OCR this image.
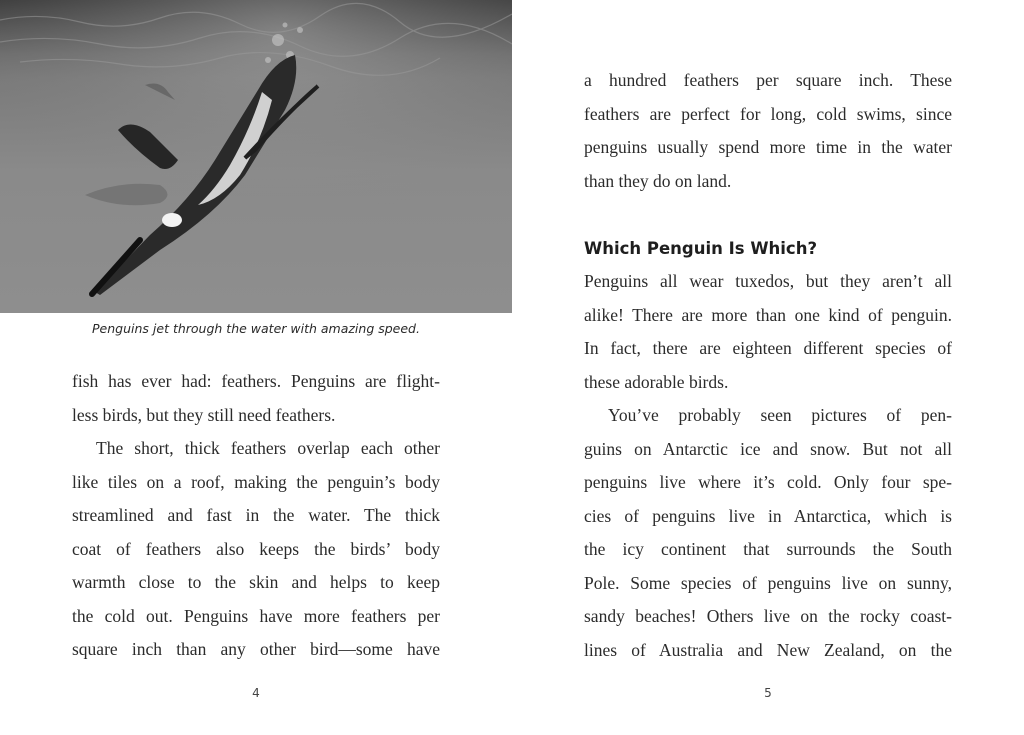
Penguins jet through the water with amazing speed.
fish has ever had: feathers. Penguins are flight-
less birds, but they still need feathers.
The short, thick feathers overlap each other
like tiles on a roof, making the penguin’s body
streamlined and fast in the water. The thick
coat of feathers also keeps the birds’ body
warmth close to the skin and helps to keep
the cold out. Penguins have more feathers per
square inch than any other bird—some have
4
a hundred feathers per square inch. These
feathers are perfect for long, cold swims, since
penguins usually spend more time in the water
than they do on land.
Which Penguin Is Which?
Penguins all wear tuxedos, but they aren’t all
alike! There are more than one kind of penguin.
In fact, there are eighteen different species of
these adorable birds.
You’ve probably seen pictures of pen-
guins on Antarctic ice and snow. But not all
penguins live where it’s cold. Only four spe-
cies of penguins live in Antarctica, which is
the icy continent that surrounds the South
Pole. Some species of penguins live on sunny,
sandy beaches! Others live on the rocky coast-
lines of Australia and New Zealand, on the
5
